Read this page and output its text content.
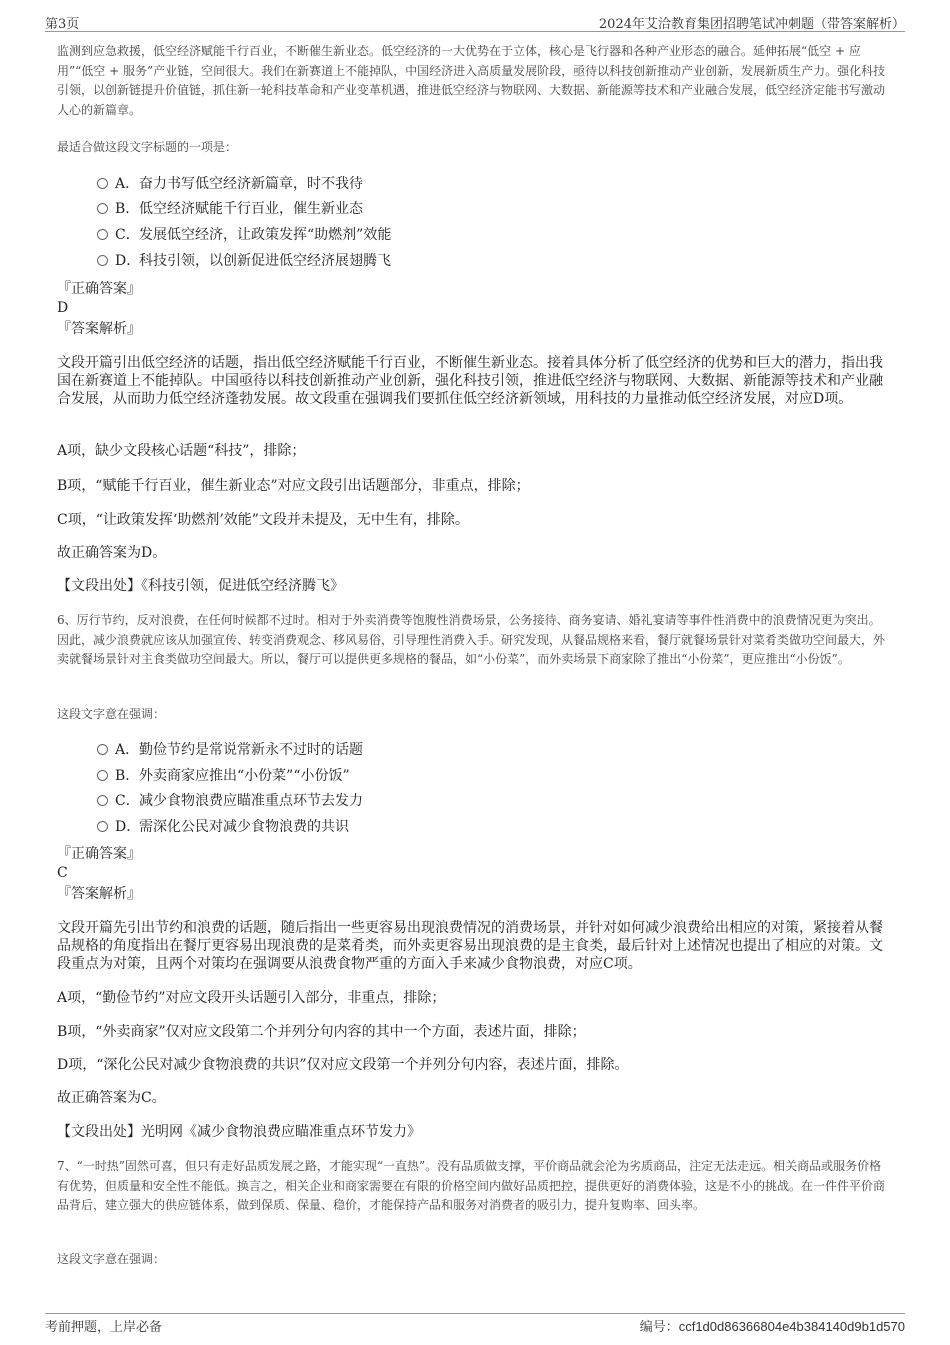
第3页	2024年艾洽教育集团招聘笔试冲刺题（带答案解析）
监测到应急救援，低空经济赋能千行百业，不断催生新业态。低空经济的一大优势在于立体，核心是飞行器和各种产业形态的融合。延伸拓展“低空 + 应用”“低空 + 服务”产业链，空间很大。我们在新赛道上不能掉队，中国经济进入高质量发展阶段，亟待以科技创新推动产业创新，发展新质生产力。强化科技引领，以创新链提升价值链，抓住新一轮科技革命和产业变革机遇，推进低空经济与物联网、大数据、新能源等技术和产业融合发展，低空经济定能书写激动人心的新篇章。
最适合做这段文字标题的一项是：
A．奋力书写低空经济新篇章，时不我待
B．低空经济赋能千行百业，催生新业态
C．发展低空经济，让政策发挥“助燃剂”效能
D．科技引领，以创新促进低空经济展翅腾飞
『正确答案』
D
『答案解析』
文段开篇引出低空经济的话题，指出低空经济赋能千行百业，不断催生新业态。接着具体分析了低空经济的优势和巨大的潜力，指出我国在新赛道上不能掉队。中国亟待以科技创新推动产业创新，强化科技引领，推进低空经济与物联网、大数据、新能源等技术和产业融合发展，从而助力低空经济蓬勃发展。故文段重在强调我们要抓住低空经济新领域，用科技的力量推动低空经济发展，对应D项。
A项，缺少文段核心话题“科技”，排除；
B项，“赋能千行百业，催生新业态”对应文段引出话题部分，非重点，排除；
C项，“让政策发挥‘助燃剂’效能”文段并未提及，无中生有，排除。
故正确答案为D。
【文段出处】《科技引领，促进低空经济腾飞》
6、厉行节约，反对浪费，在任何时候都不过时。相对于外卖消费等饱腹性消费场景，公务接待、商务宴请、婚礼宴请等事件性消费中的浪费情况更为突出。因此，减少浪费就应该从加强宣传、转变消费观念、移风易俗，引导理性消费入手。研究发现，从餐品规格来看，餐厅就餐场景针对菜肴类做功空间最大，外卖就餐场景针对主食类做功空间最大。所以，餐厅可以提供更多规格的餐品，如“小份菜”，而外卖场景下商家除了推出“小份菜”，更应推出“小份饭”。
这段文字意在强调：
A．勤俭节约是常说常新永不过时的话题
B．外卖商家应推出“小份菜”“小份饭”
C．减少食物浪费应瞄准重点环节去发力
D．需深化公民对减少食物浪费的共识
『正确答案』
C
『答案解析』
文段开篇先引出节约和浪费的话题，随后指出一些更容易出现浪费情况的消费场景，并针对如何减少浪费给出相应的对策，紧接着从餐品规格的角度指出在餐厅更容易出现浪费的是菜肴类，而外卖更容易出现浪费的是主食类，最后针对上述情况也提出了相应的对策。文段重点为对策，且两个对策均在强调要从浪费食物严重的方面入手来减少食物浪费，对应C项。
A项，“勤俭节约”对应文段开头话题引入部分，非重点，排除；
B项，“外卖商家”仅对应文段第二个并列分句内容的其中一个方面，表述片面，排除；
D项，“深化公民对减少食物浪费的共识”仅对应文段第一个并列分句内容，表述片面，排除。
故正确答案为C。
【文段出处】光明网《减少食物浪费应瞄准重点环节发力》
7、“一时热”固然可喜，但只有走好品质发展之路，才能实现“一直热”。没有品质做支撑，平价商品就会沦为劣质商品，注定无法走远。相关商品或服务价格有优势，但质量和安全性不能低。换言之，相关企业和商家需要在有限的价格空间内做好品质把控，提供更好的消费体验，这是不小的挑战。在一件件平价商品背后，建立强大的供应链体系，做到保质、保量、稳价，才能保持产品和服务对消费者的吸引力，提升复购率、回头率。
这段文字意在强调：
考前押题，上岸必备	编号：ccf1d0d86366804e4b384140d9b1d570
